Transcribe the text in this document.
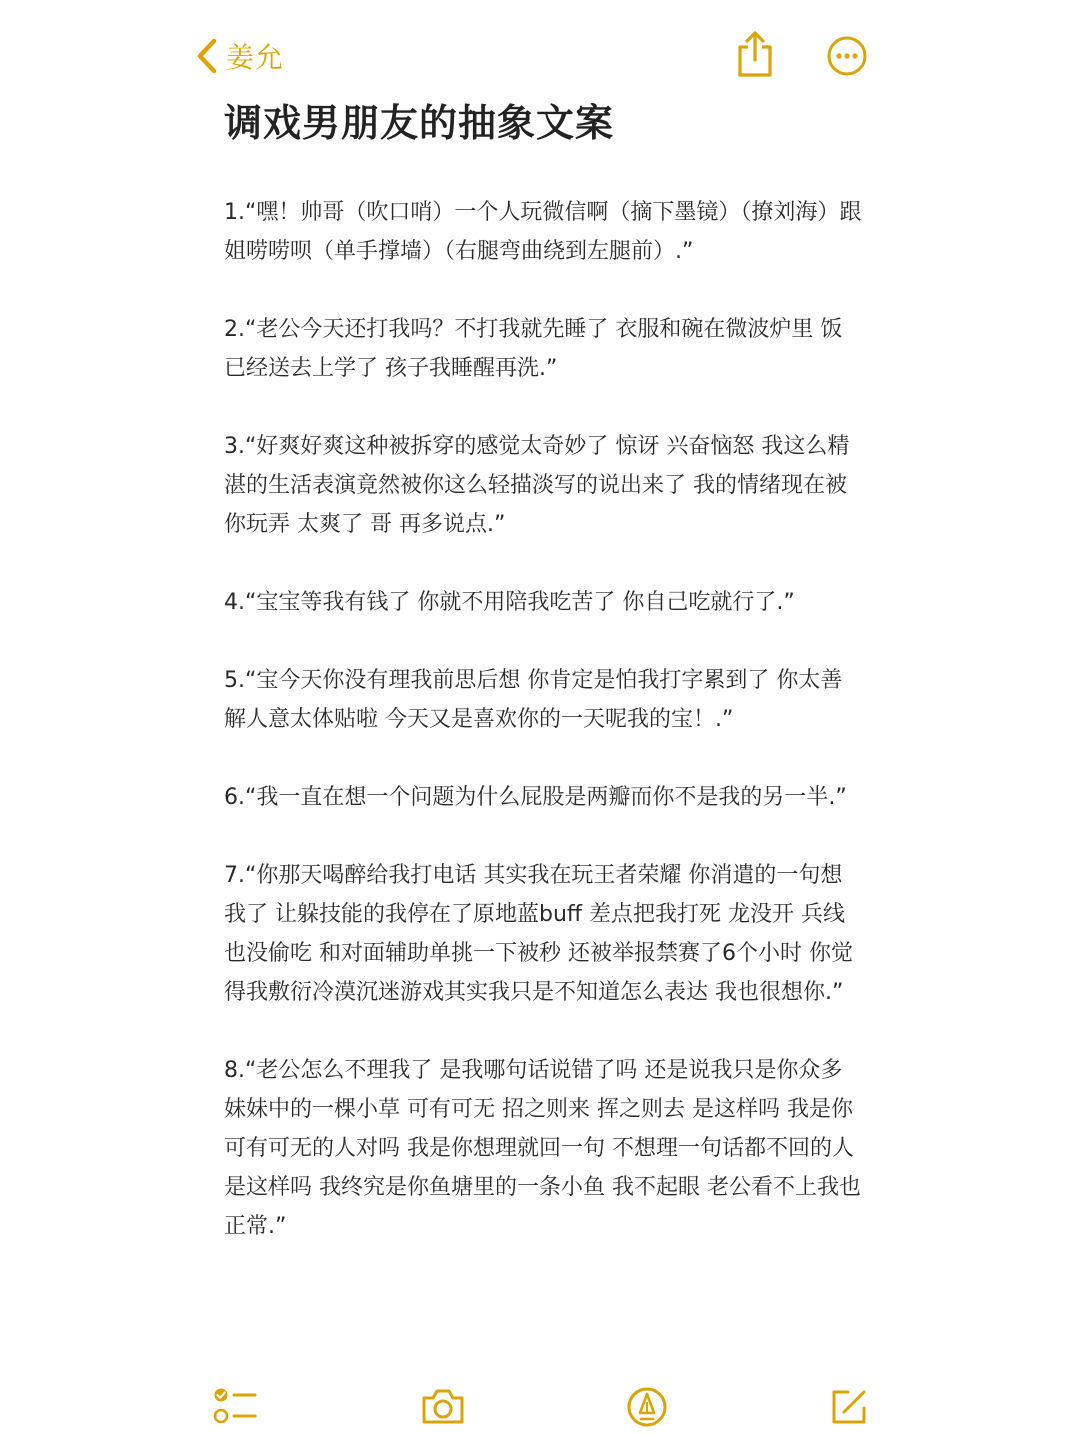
姜允
调戏男朋友的抽象文案

1.“嘿！帅哥（吹口哨）一个人玩微信啊（摘下墨镜）（撩刘海）跟姐唠唠呗（单手撑墙）（右腿弯曲绕到左腿前）.”

2.“老公今天还打我吗？不打我就先睡了 衣服和碗在微波炉里 饭已经送去上学了 孩子我睡醒再洗.”

3.“好爽好爽这种被拆穿的感觉太奇妙了 惊讶 兴奋恼怒 我这么精湛的生活表演竟然被你这么轻描淡写的说出来了 我的情绪现在被你玩弄 太爽了 哥 再多说点.”

4.“宝宝等我有钱了 你就不用陪我吃苦了 你自己吃就行了.”

5.“宝今天你没有理我前思后想 你肯定是怕我打字累到了 你太善解人意太体贴啦 今天又是喜欢你的一天呢我的宝！.”

6.“我一直在想一个问题为什么屁股是两瓣而你不是我的另一半.”

7.“你那天喝醉给我打电话 其实我在玩王者荣耀 你消遣的一句想我了 让躲技能的我停在了原地蓝buff 差点把我打死 龙没开 兵线也没偷吃 和对面辅助单挑一下被秒 还被举报禁赛了6个小时 你觉得我敷衍冷漠沉迷游戏其实我只是不知道怎么表达 我也很想你.”

8.“老公怎么不理我了 是我哪句话说错了吗 还是说我只是你众多妹妹中的一棵小草 可有可无 招之则来 挥之则去 是这样吗 我是你可有可无的人对吗 我是你想理就回一句 不想理一句话都不回的人 是这样吗 我终究是你鱼塘里的一条小鱼 我不起眼 老公看不上我也正常.”
